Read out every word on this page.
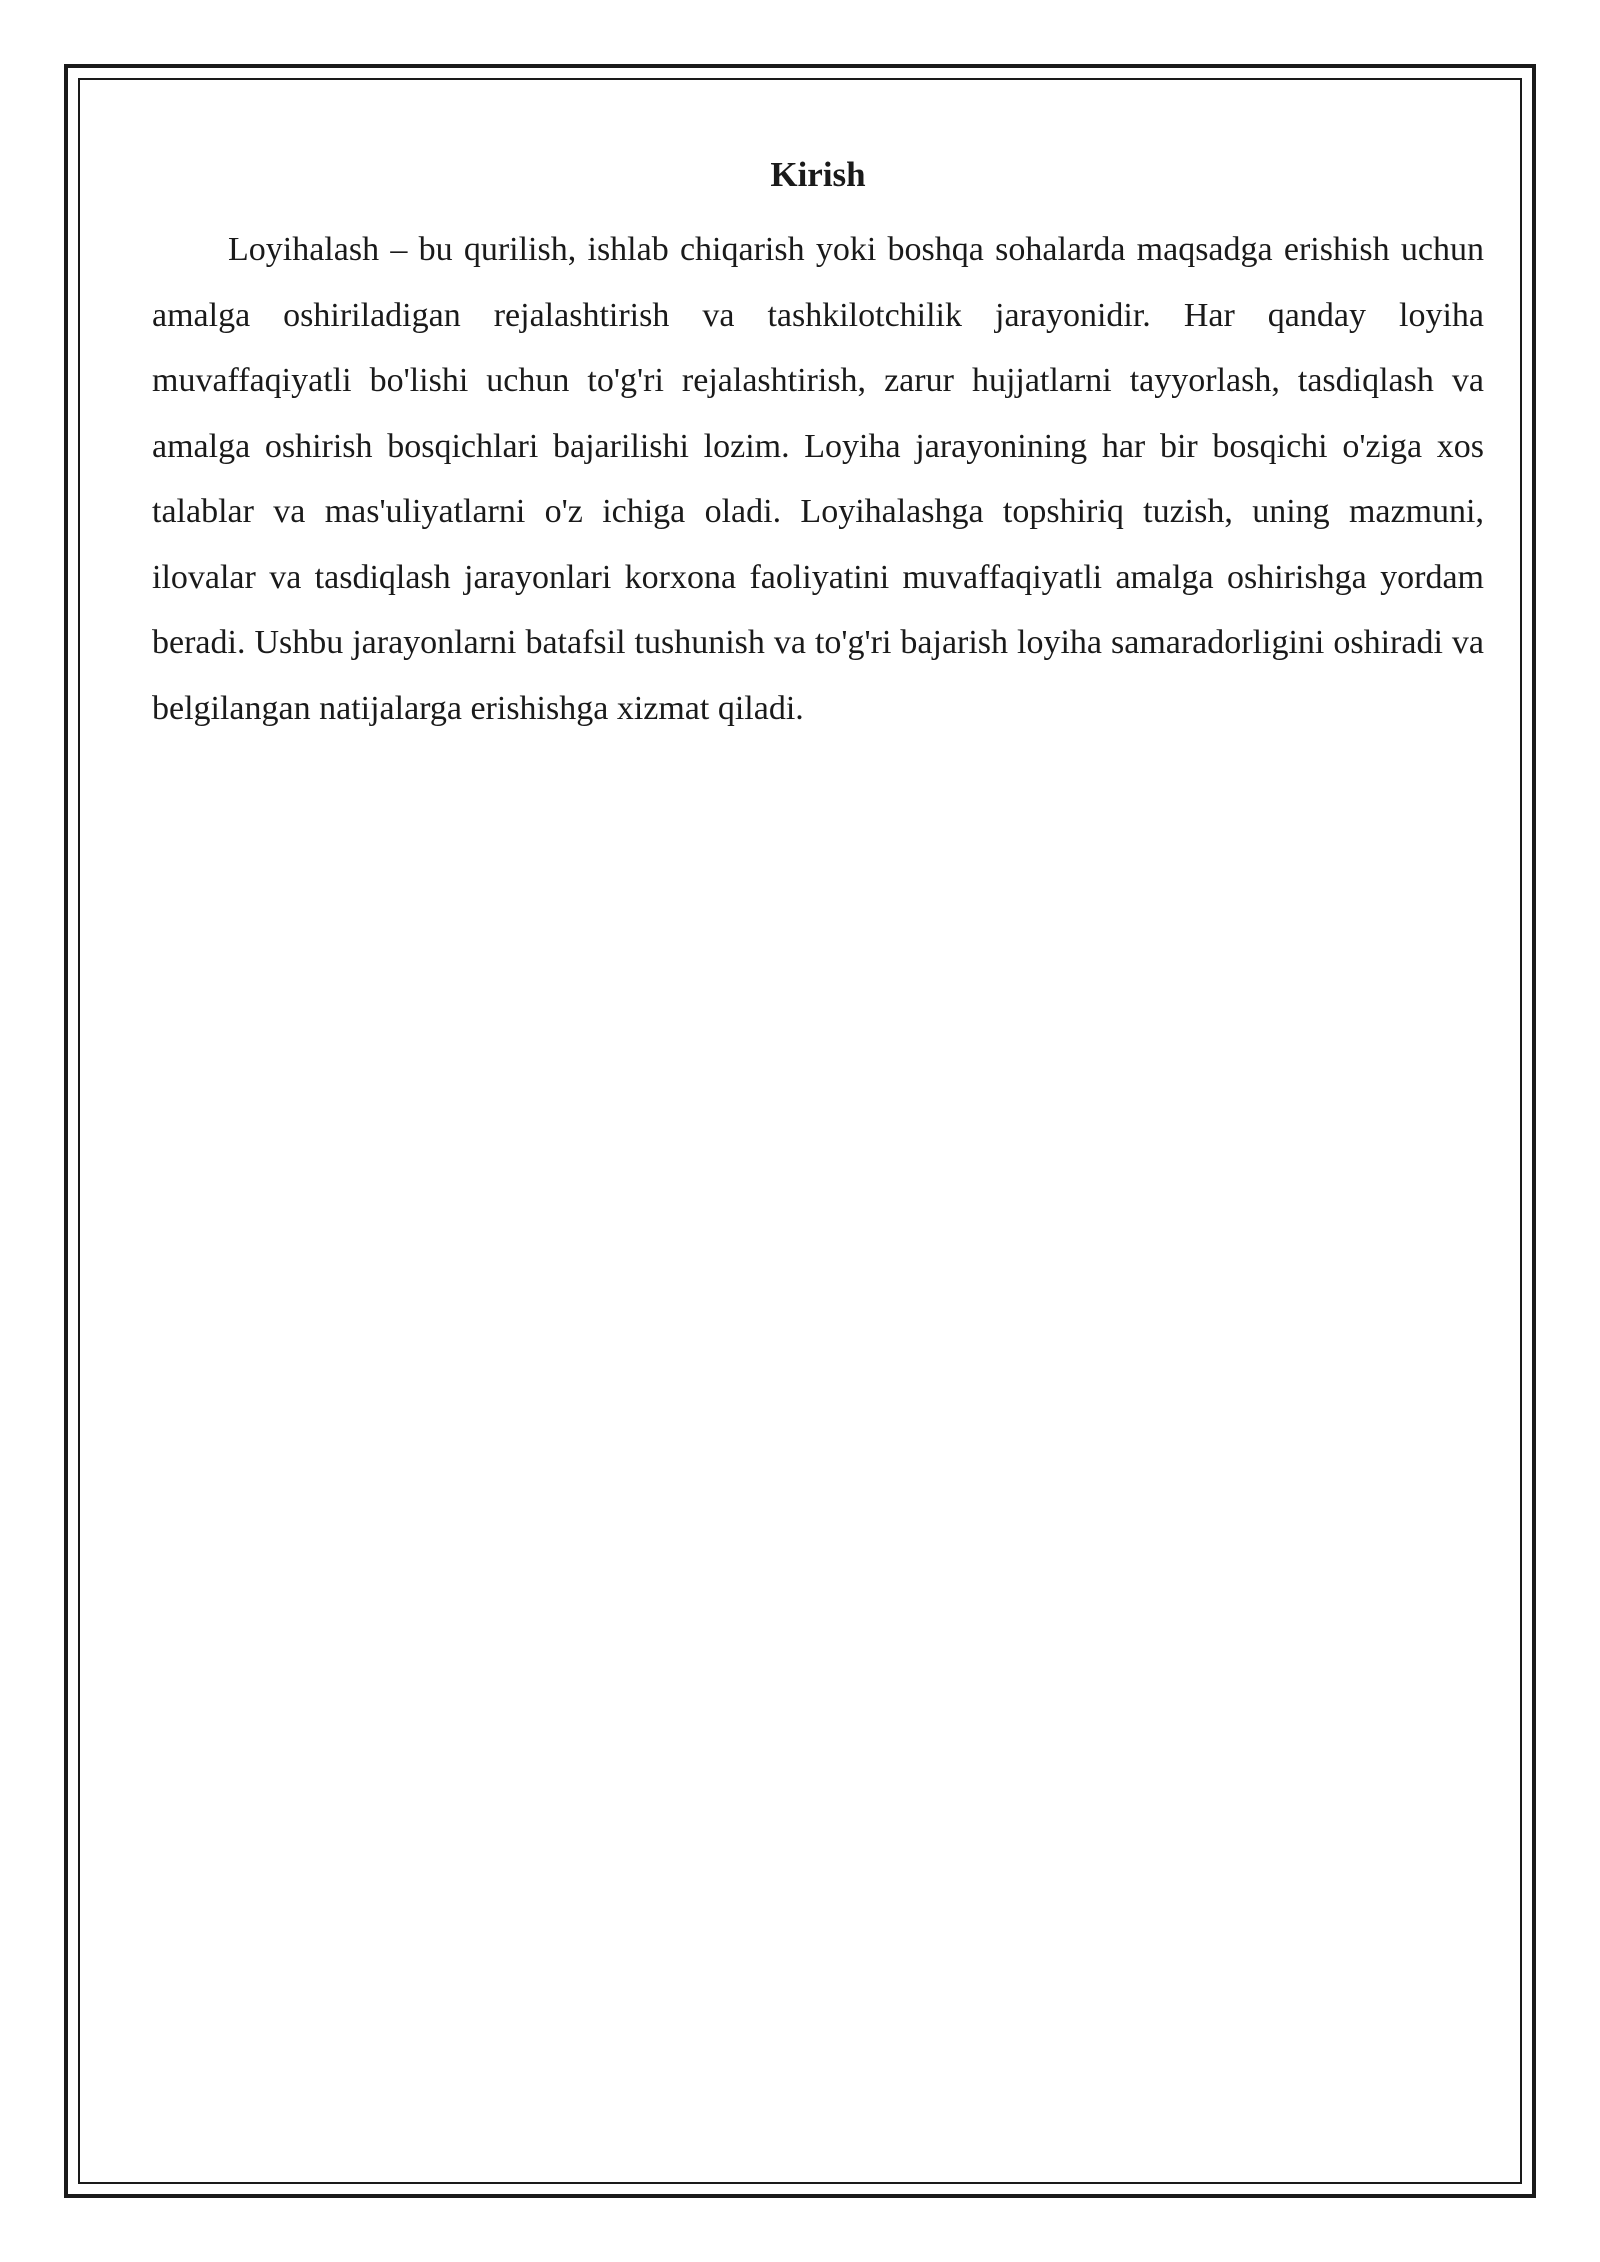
Kirish

Loyihalash – bu qurilish, ishlab chiqarish yoki boshqa sohalarda maqsadga erishish uchun amalga oshiriladigan rejalashtirish va tashkilotchilik jarayonidir. Har qanday loyiha muvaffaqiyatli bo'lishi uchun to'g'ri rejalashtirish, zarur hujjatlarni tayyorlash, tasdiqlash va amalga oshirish bosqichlari bajarilishi lozim. Loyiha jarayonining har bir bosqichi o'ziga xos talablar va mas'uliyatlarni o'z ichiga oladi. Loyihalashga topshiriq tuzish, uning mazmuni, ilovalar va tasdiqlash jarayonlari korxona faoliyatini muvaffaqiyatli amalga oshirishga yordam beradi. Ushbu jarayonlarni batafsil tushunish va to'g'ri bajarish loyiha samaradorligini oshiradi va belgilangan natijalarga erishishga xizmat qiladi.
